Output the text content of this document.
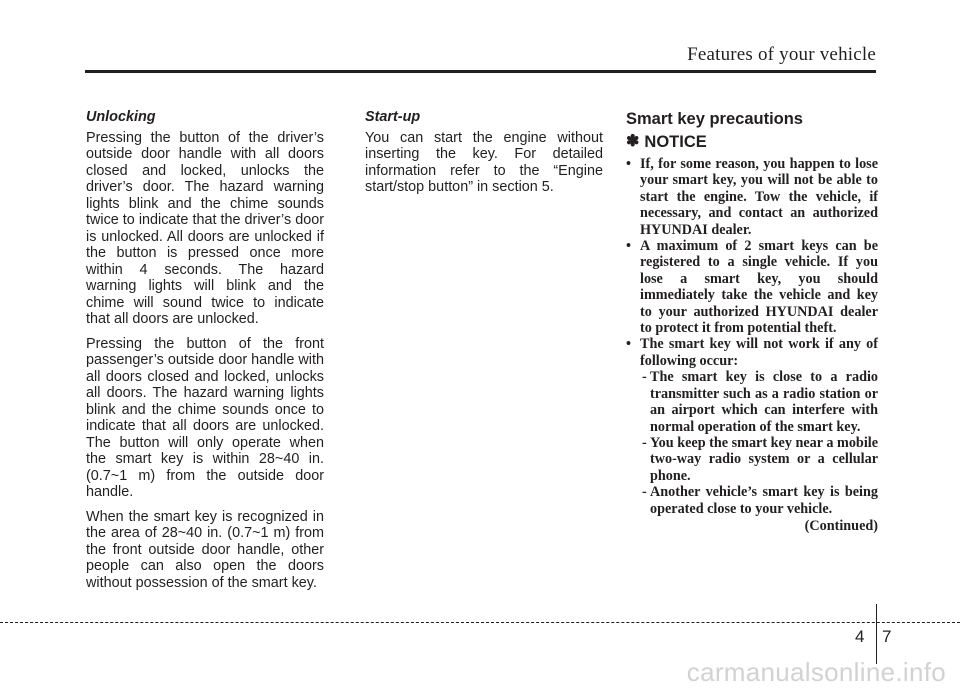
Features of your vehicle
Unlocking

Pressing the button of the driver’s outside door handle with all doors closed and locked, unlocks the driver’s door. The hazard warning lights blink and the chime sounds twice to indicate that the driver’s door is unlocked. All doors are unlocked if the button is pressed once more within 4 seconds. The hazard warning lights will blink and the chime will sound twice to indicate that all doors are unlocked.

Pressing the button of the front passenger’s outside door handle with all doors closed and locked, unlocks all doors. The hazard warning lights blink and the chime sounds once to indicate that all doors are unlocked. The button will only operate when the smart key is within 28~40 in. (0.7~1 m) from the outside door handle.

When the smart key is recognized in the area of 28~40 in. (0.7~1 m) from the front outside door handle, other people can also open the doors without possession of the smart key.

Start-up

You can start the engine without inserting the key. For detailed information refer to the “Engine start/stop button” in section 5.

Smart key precautions
✽ NOTICE
• If, for some reason, you happen to lose your smart key, you will not be able to start the engine. Tow the vehicle, if necessary, and contact an authorized HYUNDAI dealer.
• A maximum of 2 smart keys can be registered to a single vehicle. If you lose a smart key, you should immediately take the vehicle and key to your authorized HYUNDAI dealer to protect it from potential theft.
• The smart key will not work if any of following occur:
- The smart key is close to a radio transmitter such as a radio station or an airport which can interfere with normal operation of the smart key.
- You keep the smart key near a mobile two-way radio system or a cellular phone.
- Another vehicle’s smart key is being operated close to your vehicle.
(Continued)
4 7
carmanualsonline.info
